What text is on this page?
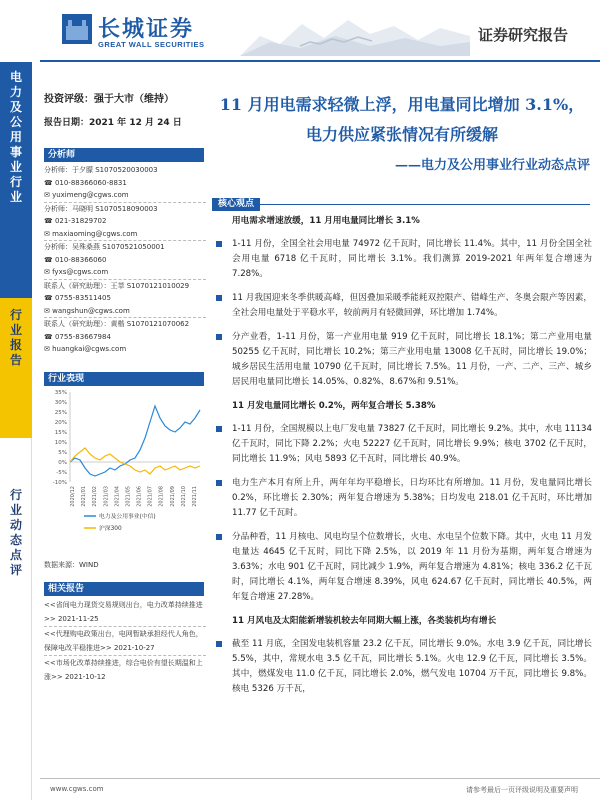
电
力
及
公
用
事
业
行
业
行
业
报
告
行
业
动
态
点
评
长城证券
GREAT WALL SECURITIES
证券研究报告
投资评级：强于大市（维持）
报告日期：2021 年 12 月 24 日
分析师
分析师：于夕朦 S1070520030003
☎ 010-88366060-8831
✉ yuximeng@cgws.com
分析师：马晓明 S1070518090003
☎ 021-31829702
✉ maxiaoming@cgws.com
分析师：吴殊桑燕 S1070521050001
☎ 010-88366060
✉ fyxs@cgws.com
联系人（研究助理）：王莘 S1070121010029
☎ 0755-83511405
✉ wangshun@cgws.com
联系人（研究助理）：黄楷 S1070121070062
☎ 0755-83667984
✉ huangkai@cgws.com
行业表现
35%
30%
25%
20%
15%
10%
5%
0%
-5%
-10%
2020/12 2021/01 2021/02 2021/03 2021/04 2021/05 2021/06 2021/07 2021/08 2021/09 2021/10 2021/11
电力及公用事业(中信)
沪深300
数据来源：WIND
相关报告
<<省间电力现货交易规则出台，电力改革持续推进>> 2021-11-25
<<代理购电政策出台，电网暂缺承担经代人角色，保障电改平稳推进>> 2021-10-27
<<市场化改革持续推进，综合电价有望长期温和上涨>> 2021-10-12
11 月用电需求轻微上浮，用电量同比增加 3.1%，
电力供应紧张情况有所缓解
——电力及公用事业行业动态点评
核心观点
用电需求增速放缓，11 月用电量同比增长 3.1%
1-11 月份，全国全社会用电量 74972 亿千瓦时，同比增长 11.4%。其中，11 月份全国全社会用电量 6718 亿千瓦时，同比增长 3.1%。我们测算 2019-2021 年两年复合增速为 7.28%。
11 月我国迎来冬季供暖高峰，但因叠加采暖季能耗双控限产、错峰生产、冬奥会限产等因素，全社会用电量处于平稳水平，较前两月有轻微回弹，环比增加 1.74%。
分产业看，1-11 月份，第一产业用电量 919 亿千瓦时，同比增长 18.1%；第二产业用电量 50255 亿千瓦时，同比增长 10.2%；第三产业用电量 13008 亿千瓦时，同比增长 19.0%；城乡居民生活用电量 10790 亿千瓦时，同比增长 7.5%。11 月份，一产、二产、三产、城乡居民用电量同比增长 14.05%、0.82%、8.67%和 9.51%。
11 月发电量同比增长 0.2%，两年复合增长 5.38%
1-11 月份，全国规模以上电厂发电量 73827 亿千瓦时，同比增长 9.2%。其中，水电 11134 亿千瓦时，同比下降 2.2%；火电 52227 亿千瓦时，同比增长 9.9%；核电 3702 亿千瓦时，同比增长 11.9%；风电 5893 亿千瓦时，同比增长 40.9%。
电力生产本月有所上升，两年年均平稳增长，日均环比有所增加。11 月份，发电量同比增长 0.2%，环比增长 2.30%；两年复合增速为 5.38%；日均发电 218.01 亿千瓦时，环比增加 11.77 亿千瓦时。
分品种看，11 月核电、风电均呈个位数增长，火电、水电呈个位数下降。其中，火电 11 月发电量达 4645 亿千瓦时，同比下降 2.5%，以 2019 年 11 月份为基期，两年复合增速为 3.63%；水电 901 亿千瓦时，同比减少 1.9%，两年复合增速为 4.81%；核电 336.2 亿千瓦时，同比增长 4.1%，两年复合增速 8.39%，风电 624.67 亿千瓦时，同比增长 40.5%，两年复合增速 27.28%。
11 月风电及太阳能新增装机较去年同期大幅上涨，各类装机均有增长
截至 11 月底，全国发电装机容量 23.2 亿千瓦，同比增长 9.0%。水电 3.9 亿千瓦，同比增长 5.5%，其中，常规水电 3.5 亿千瓦，同比增长 5.1%。火电 12.9 亿千瓦，同比增长 3.5%。其中，燃煤发电 11.0 亿千瓦，同比增长 2.0%，燃气发电 10704 万千瓦，同比增长 9.8%。核电 5326 万千瓦，
www.cgws.com	请参考最后一页评级说明及重要声明
